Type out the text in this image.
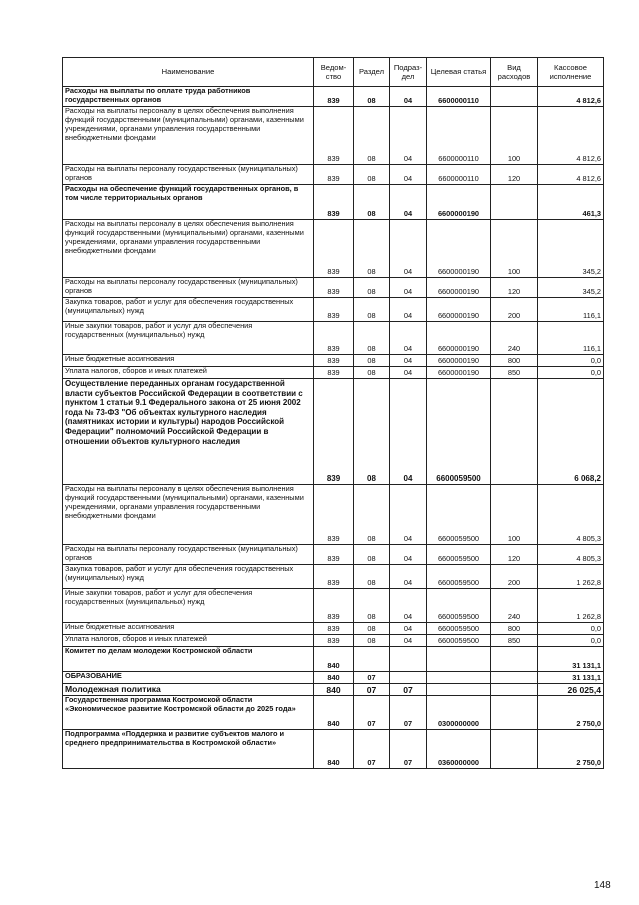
Наименование	Ведом-ство	Раздел	Подраз-дел	Целевая статья	Вид расходов	Кассовое исполнение
Расходы на выплаты по оплате труда работников государственных органов	839	08	04	6600000110		4 812,6
Расходы на выплаты персоналу в целях обеспечения выполнения функций государственными (муниципальными) органами, казенными учреждениями, органами управления государственными внебюджетными фондами	839	08	04	6600000110	100	4 812,6
Расходы на выплаты персоналу государственных (муниципальных) органов	839	08	04	6600000110	120	4 812,6
Расходы на обеспечение функций государственных органов, в том числе территориальных органов	839	08	04	6600000190		461,3
Расходы на выплаты персоналу в целях обеспечения выполнения функций государственными (муниципальными) органами, казенными учреждениями, органами управления государственными внебюджетными фондами	839	08	04	6600000190	100	345,2
Расходы на выплаты персоналу государственных (муниципальных) органов	839	08	04	6600000190	120	345,2
Закупка товаров, работ и услуг для обеспечения государственных (муниципальных) нужд	839	08	04	6600000190	200	116,1
Иные закупки товаров, работ и услуг для обеспечения государственных (муниципальных) нужд	839	08	04	6600000190	240	116,1
Иные бюджетные ассигнования	839	08	04	6600000190	800	0,0
Уплата налогов, сборов и иных платежей	839	08	04	6600000190	850	0,0
Осуществление переданных органам государственной власти субъектов Российской Федерации в соответствии с пунктом 1 статьи 9.1 Федерального закона от 25 июня 2002 года № 73-ФЗ "Об объектах культурного наследия (памятниках истории и культуры) народов Российской Федерации" полномочий Российской Федерации в отношении объектов культурного наследия	839	08	04	6600059500		6 068,2
Расходы на выплаты персоналу в целях обеспечения выполнения функций государственными (муниципальными) органами, казенными учреждениями, органами управления государственными внебюджетными фондами	839	08	04	6600059500	100	4 805,3
Расходы на выплаты персоналу государственных (муниципальных) органов	839	08	04	6600059500	120	4 805,3
Закупка товаров, работ и услуг для обеспечения государственных (муниципальных) нужд	839	08	04	6600059500	200	1 262,8
Иные закупки товаров, работ и услуг для обеспечения государственных (муниципальных) нужд	839	08	04	6600059500	240	1 262,8
Иные бюджетные ассигнования	839	08	04	6600059500	800	0,0
Уплата налогов, сборов и иных платежей	839	08	04	6600059500	850	0,0
Комитет по делам молодежи Костромской области	840					31 131,1
ОБРАЗОВАНИЕ	840	07				31 131,1
Молодежная политика	840	07	07			26 025,4
Государственная программа Костромской области «Экономическое развитие Костромской области до 2025 года»	840	07	07	0300000000		2 750,0
Подпрограмма «Поддержка и развитие субъектов малого и среднего предпринимательства в Костромской области»	840	07	07	0360000000		2 750,0
148
